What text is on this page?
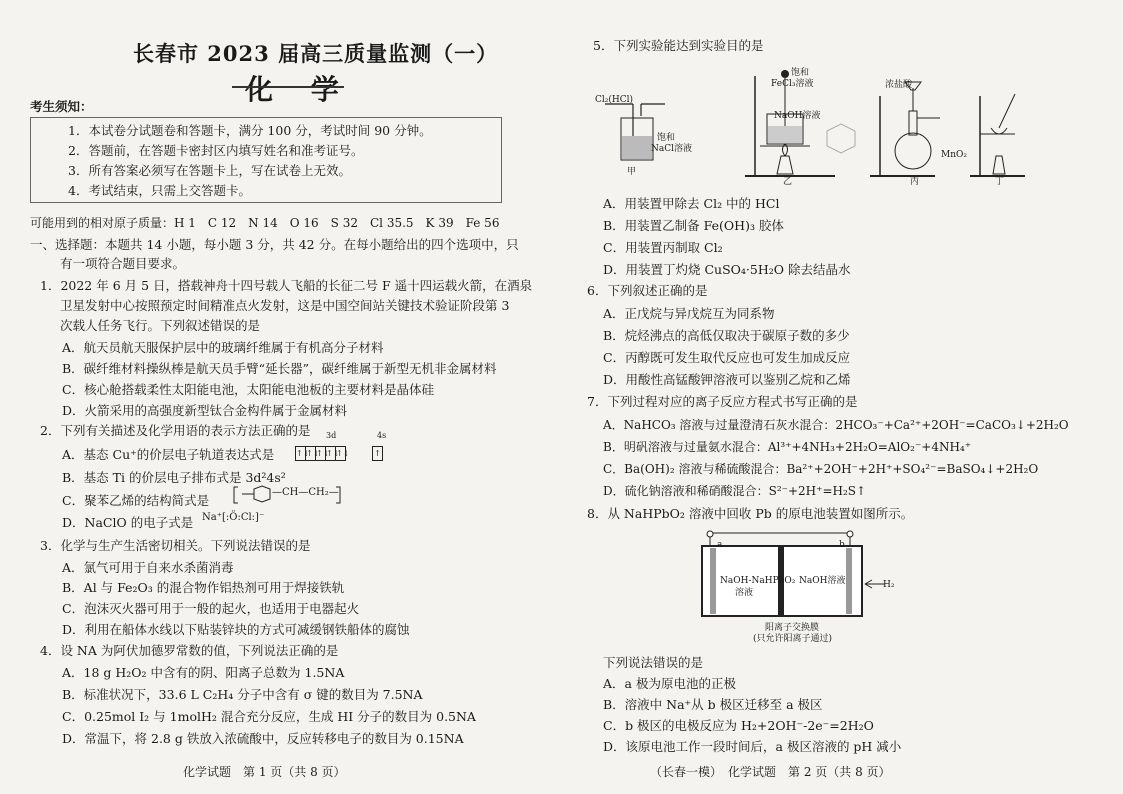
长春市 2023 届高三质量监测（一）
化 学
考生须知：
1．本试卷分试题卷和答题卡，满分 100 分，考试时间 90 分钟。
2．答题前，在答题卡密封区内填写姓名和准考证号。
3．所有答案必须写在答题卡上，写在试卷上无效。
4．考试结束，只需上交答题卡。
可能用到的相对原子质量：H 1　C 12　N 14　O 16　S 32　Cl 35.5　K 39　Fe 56
一、选择题：本题共 14 小题，每小题 3 分，共 42 分。在每小题给出的四个选项中，只
有一项符合题目要求。
1．2022 年 6 月 5 日，搭载神舟十四号载人飞船的长征二号 F 遥十四运载火箭，在酒泉
卫星发射中心按照预定时间精准点火发射，这是中国空间站关键技术验证阶段第 3
次载人任务飞行。下列叙述错误的是
A．航天员航天服保护层中的玻璃纤维属于有机高分子材料
B．碳纤维材料操纵棒是航天员手臂“延长器”，碳纤维属于新型无机非金属材料
C．核心舱搭载柔性太阳能电池，太阳能电池板的主要材料是晶体硅
D．火箭采用的高强度新型钛合金构件属于金属材料
2．下列有关描述及化学用语的表示方法正确的是
A．基态 Cu⁺的价层电子轨道表达式是
3d	4s
↑↓↑↓↑↓↑↓↑↓	↑
B．基态 Ti 的价层电子排布式是 3d²4s²
C．聚苯乙烯的结构简式是
—CH—CH₂—
D．NaClO 的电子式是 Na⁺[:Ö:Cl:]⁻
3．化学与生产生活密切相关。下列说法错误的是
A．氯气可用于自来水杀菌消毒
B．Al 与 Fe₂O₃ 的混合物作铝热剂可用于焊接铁轨
C．泡沫灭火器可用于一般的起火，也适用于电器起火
D．利用在船体水线以下贴装锌块的方式可减缓钢铁船体的腐蚀
4．设 NA 为阿伏加德罗常数的值，下列说法正确的是
A．18 g H₂O₂ 中含有的阴、阳离子总数为 1.5NA
B．标准状况下，33.6 L C₂H₄ 分子中含有 σ 键的数目为 7.5NA
C．0.25mol I₂ 与 1molH₂ 混合充分反应，生成 HI 分子的数目为 0.5NA
D．常温下，将 2.8 g 铁放入浓硫酸中，反应转移电子的数目为 0.15NA
化学试题　第 1 页（共 8 页）
5．下列实验能达到实验目的是
Cl₂(HCl)
饱和
NaCl溶液
饱和
FeCl₃溶液
NaOH溶液
浓盐酸
MnO₂
甲
乙	丙	丁
A．用装置甲除去 Cl₂ 中的 HCl
B．用装置乙制备 Fe(OH)₃ 胶体
C．用装置丙制取 Cl₂
D．用装置丁灼烧 CuSO₄·5H₂O 除去结晶水
6．下列叙述正确的是
A．正戊烷与异戊烷互为同系物
B．烷烃沸点的高低仅取决于碳原子数的多少
C．丙醇既可发生取代反应也可发生加成反应
D．用酸性高锰酸钾溶液可以鉴别乙烷和乙烯
7．下列过程对应的离子反应方程式书写正确的是
A．NaHCO₃ 溶液与过量澄清石灰水混合：2HCO₃⁻+Ca²⁺+2OH⁻=CaCO₃↓+2H₂O
B．明矾溶液与过量氨水混合：Al³⁺+4NH₃+2H₂O=AlO₂⁻+4NH₄⁺
C．Ba(OH)₂ 溶液与稀硫酸混合：Ba²⁺+2OH⁻+2H⁺+SO₄²⁻=BaSO₄↓+2H₂O
D．硫化钠溶液和稀硝酸混合：S²⁻+2H⁺=H₂S↑
8．从 NaHPbO₂ 溶液中回收 Pb 的原电池装置如图所示。
a	b
NaOH-NaHPbO₂
溶液
NaOH溶液	H₂
阳离子交换膜
(只允许阳离子通过)
下列说法错误的是
A．a 极为原电池的正极
B．溶液中 Na⁺从 b 极区迁移至 a 极区
C．b 极区的电极反应为 H₂+2OH⁻-2e⁻=2H₂O
D．该原电池工作一段时间后，a 极区溶液的 pH 减小
（长春一模）　化学试题　第 2 页（共 8 页）
